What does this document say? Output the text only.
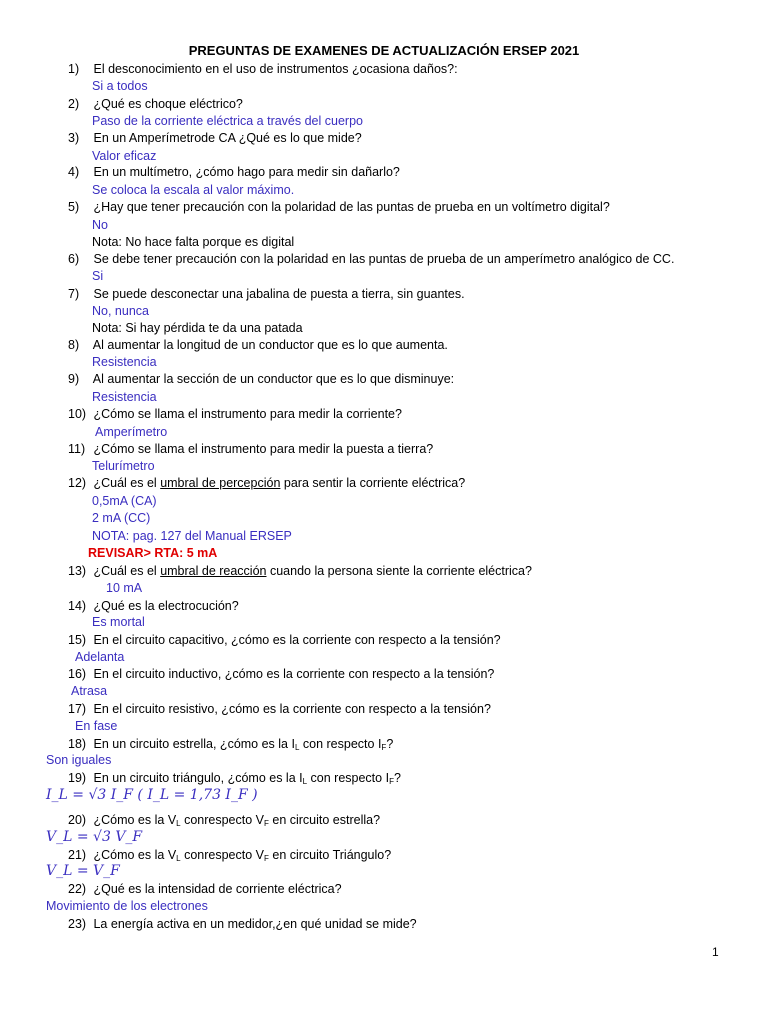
PREGUNTAS DE EXAMENES DE ACTUALIZACIÓN ERSEP 2021
1) El desconocimiento en el uso de instrumentos ¿ocasiona daños?:
Si a todos
2) ¿Qué es choque eléctrico?
Paso de la corriente eléctrica a través del cuerpo
3) En un Amperímetrode CA ¿Qué es lo que mide?
Valor eficaz
4) En un multímetro, ¿cómo hago para medir sin dañarlo?
Se coloca la escala al valor máximo.
5) ¿Hay que tener precaución con la polaridad de las puntas de prueba en un voltímetro digital?
No
Nota: No hace falta porque es digital
6) Se debe tener precaución con la polaridad en las puntas de prueba de un amperímetro analógico de CC.
Si
7) Se puede desconectar una jabalina de puesta a tierra, sin guantes.
No, nunca
Nota: Si hay pérdida te da una patada
8) Al aumentar la longitud de un conductor que es lo que aumenta.
Resistencia
9) Al aumentar la sección de un conductor que es lo que disminuye:
Resistencia
10) ¿Cómo se llama el instrumento para medir la corriente?
Amperímetro
11) ¿Cómo se llama el instrumento para medir la puesta a tierra?
Telurímetro
12) ¿Cuál es el umbral de percepción para sentir la corriente eléctrica?
0,5mA (CA)
2 mA (CC)
NOTA: pag. 127 del Manual ERSEP
REVISAR> RTA: 5 mA
13) ¿Cuál es el umbral de reacción cuando la persona siente la corriente eléctrica?
10 mA
14) ¿Qué es la electrocución?
Es mortal
15) En el circuito capacitivo, ¿cómo es la corriente con respecto a la tensión?
Adelanta
16) En el circuito inductivo, ¿cómo es la corriente con respecto a la tensión?
Atrasa
17) En el circuito resistivo, ¿cómo es la corriente con respecto a la tensión?
En fase
18) En un circuito estrella, ¿cómo es la $I_L$ con respecto $I_F$?
Son iguales
19) En un circuito triángulo, ¿cómo es la $I_L$ con respecto $I_F$?
I_L = √3 I_F ( I_L = 1,73 I_F )
20) ¿Cómo es la $V_L$ conrespecto $V_F$ en circuito estrella?
V_L = √3 V_F
21) ¿Cómo es la $V_L$ conrespecto $V_F$ en circuito Triángulo?
V_L = V_F
22) ¿Qué es la intensidad de corriente eléctrica?
Movimiento de los electrones
23) La energía activa en un medidor,¿en qué unidad se mide?
1
